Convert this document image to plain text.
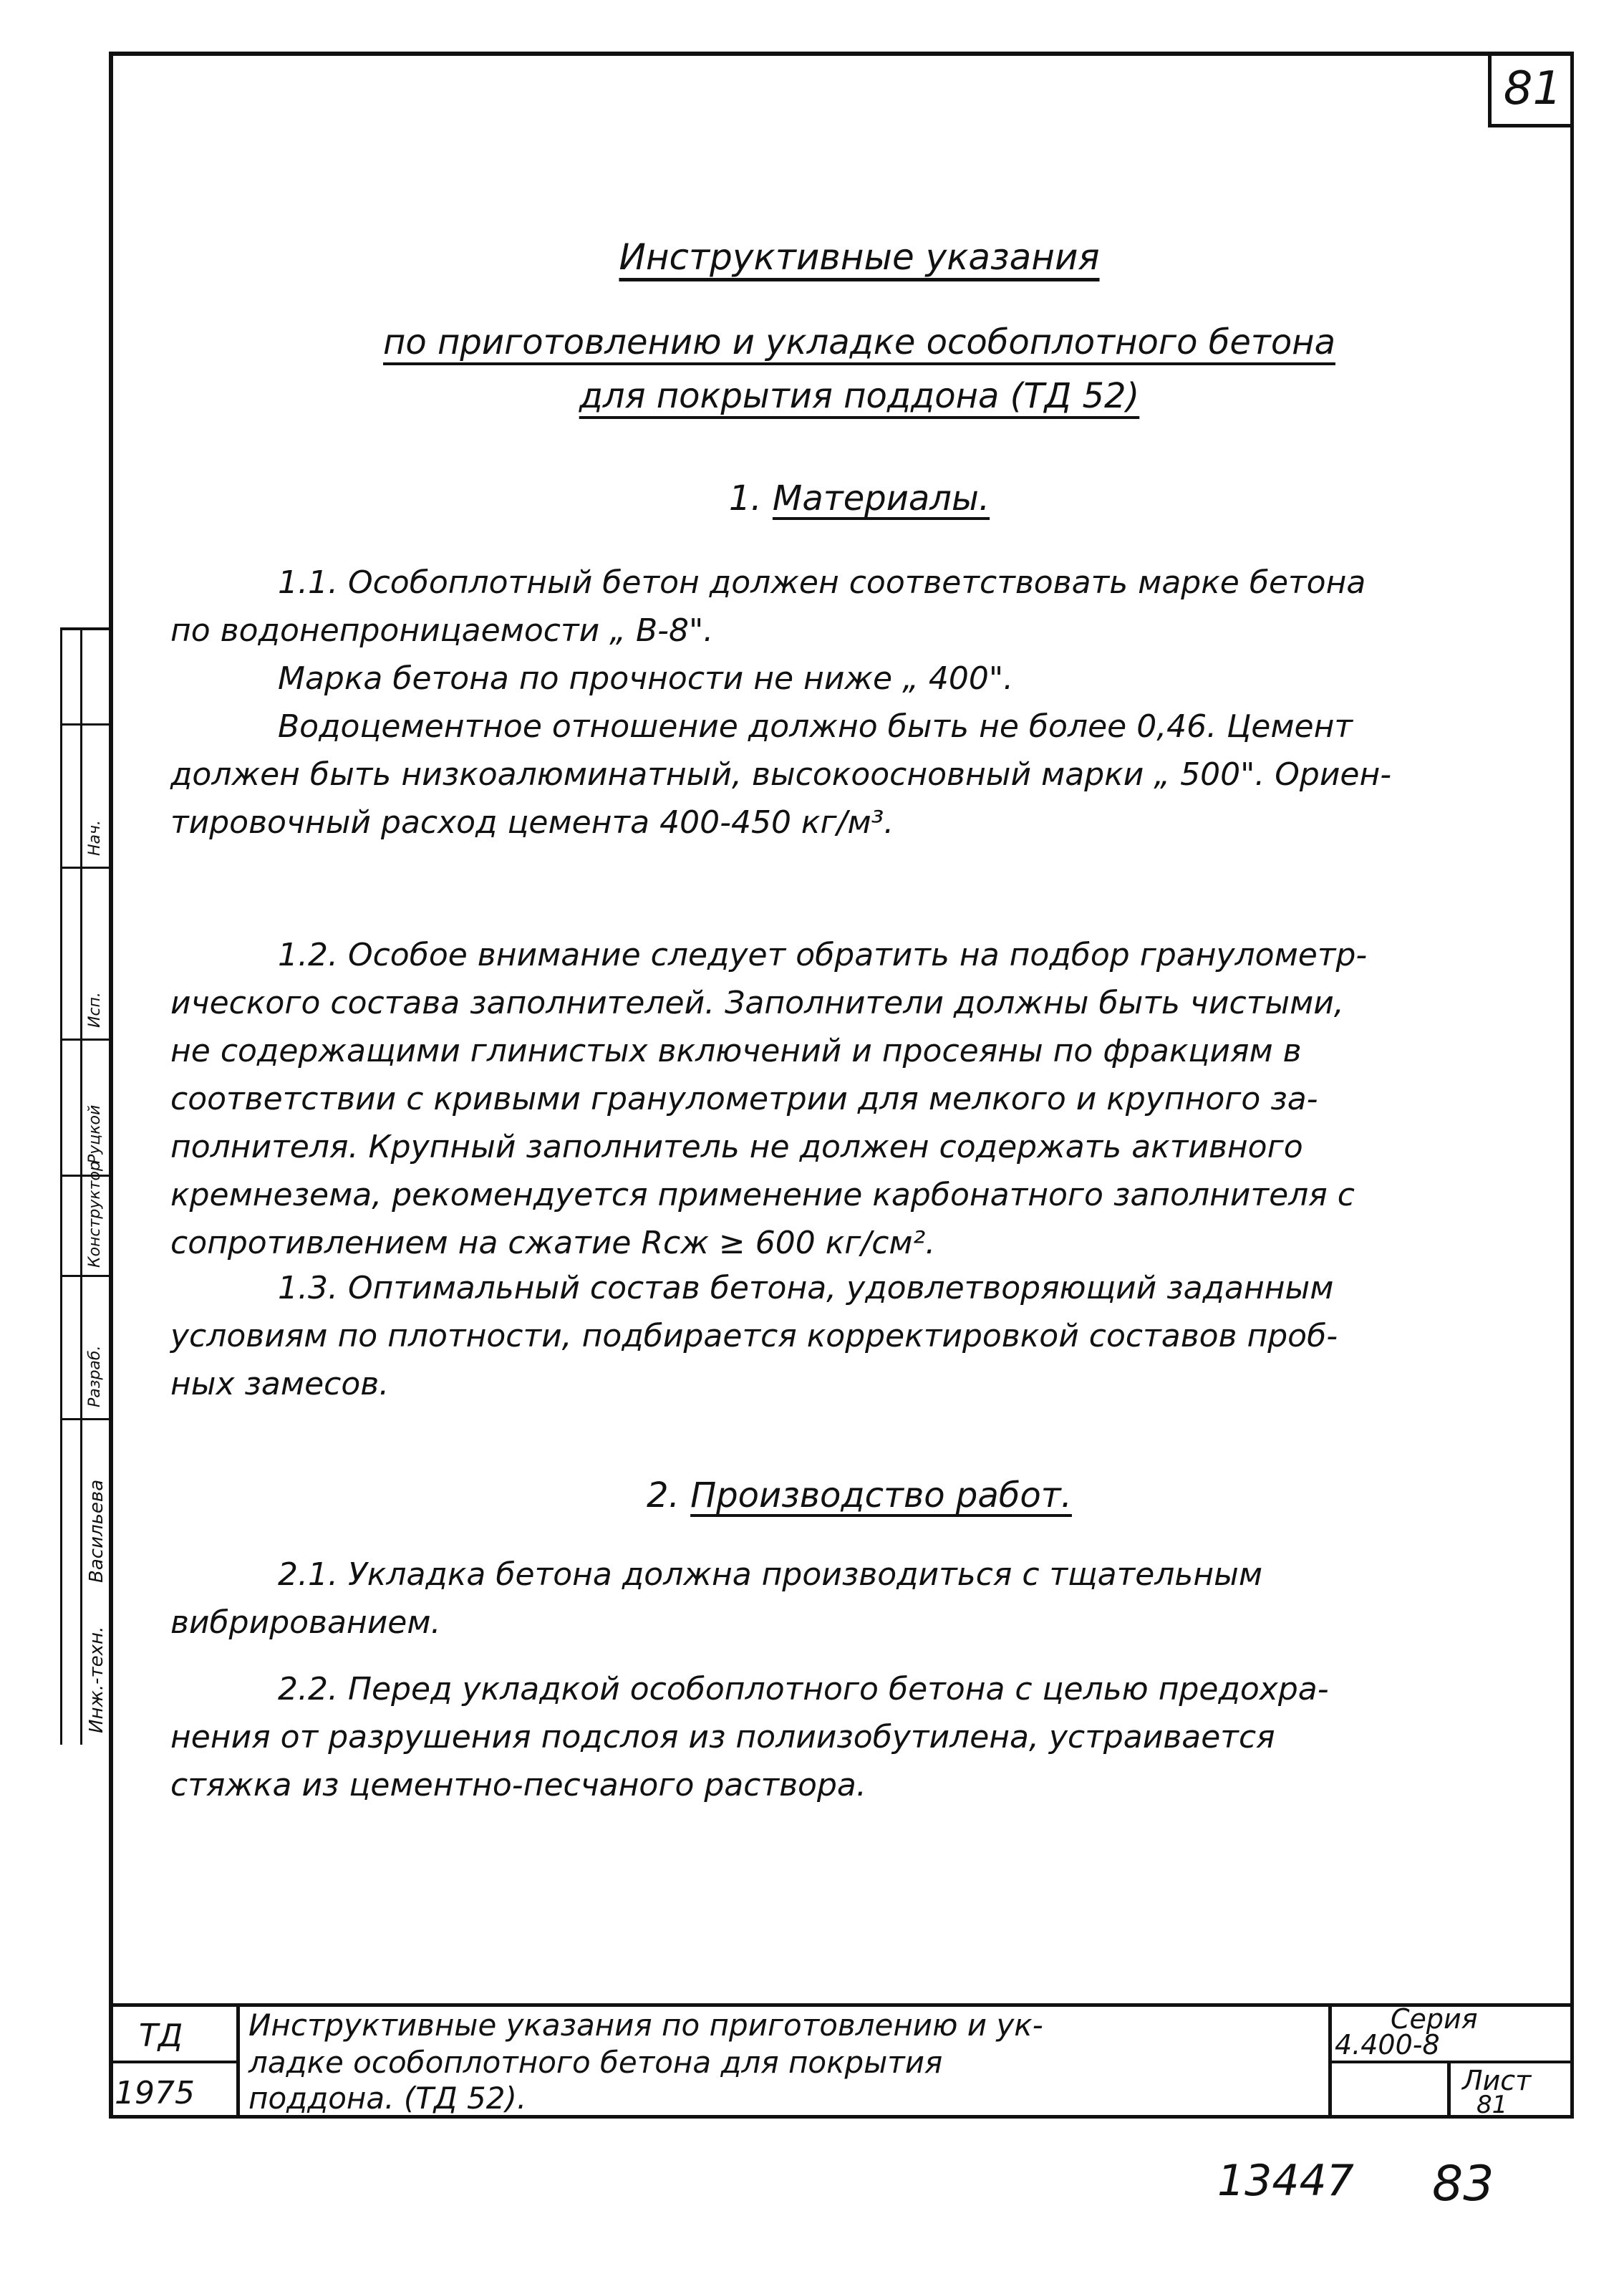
81
Инструктивные указания
по приготовлению и укладке особоплотного бетона
для покрытия поддона (ТД 52)
1. Материалы.
1.1. Особоплотный бетон должен соответствовать марке бетона
по водонепроницаемости „ В-8".
Марка бетона по прочности не ниже „ 400".
Водоцементное отношение должно быть не более 0,46. Цемент
должен быть низкоалюминатный, высокоосновный марки „ 500". Ориен-
тировочный расход цемента 400-450 кг/м³.
1.2. Особое внимание следует обратить на подбор гранулометр-
ического состава заполнителей. Заполнители должны быть чистыми,
не содержащими глинистых включений и просеяны по фракциям в
соответствии с кривыми гранулометрии для мелкого и крупного за-
полнителя. Крупный заполнитель не должен содержать активного
кремнезема, рекомендуется применение карбонатного заполнителя с
сопротивлением на сжатие Rсж ≥ 600 кг/см².
1.3. Оптимальный состав бетона, удовлетворяющий заданным
условиям по плотности, подбирается корректировкой составов проб-
ных замесов.
2. Производство работ.
2.1. Укладка бетона должна производиться с тщательным
вибрированием.
2.2. Перед укладкой особоплотного бетона с целью предохра-
нения от разрушения подслоя из полиизобутилена, устраивается
стяжка из цементно-песчаного раствора.
Инж.-техн.
Васильева
Разраб.
Конструктор
Руцкой
Исп.
Нач.
ТД
1975
Инструктивные указания по приготовлению и ук-
ладке особоплотного бетона для покрытия
поддона. (ТД 52).
Серия
4.400-8
Лист
81
13447 83
